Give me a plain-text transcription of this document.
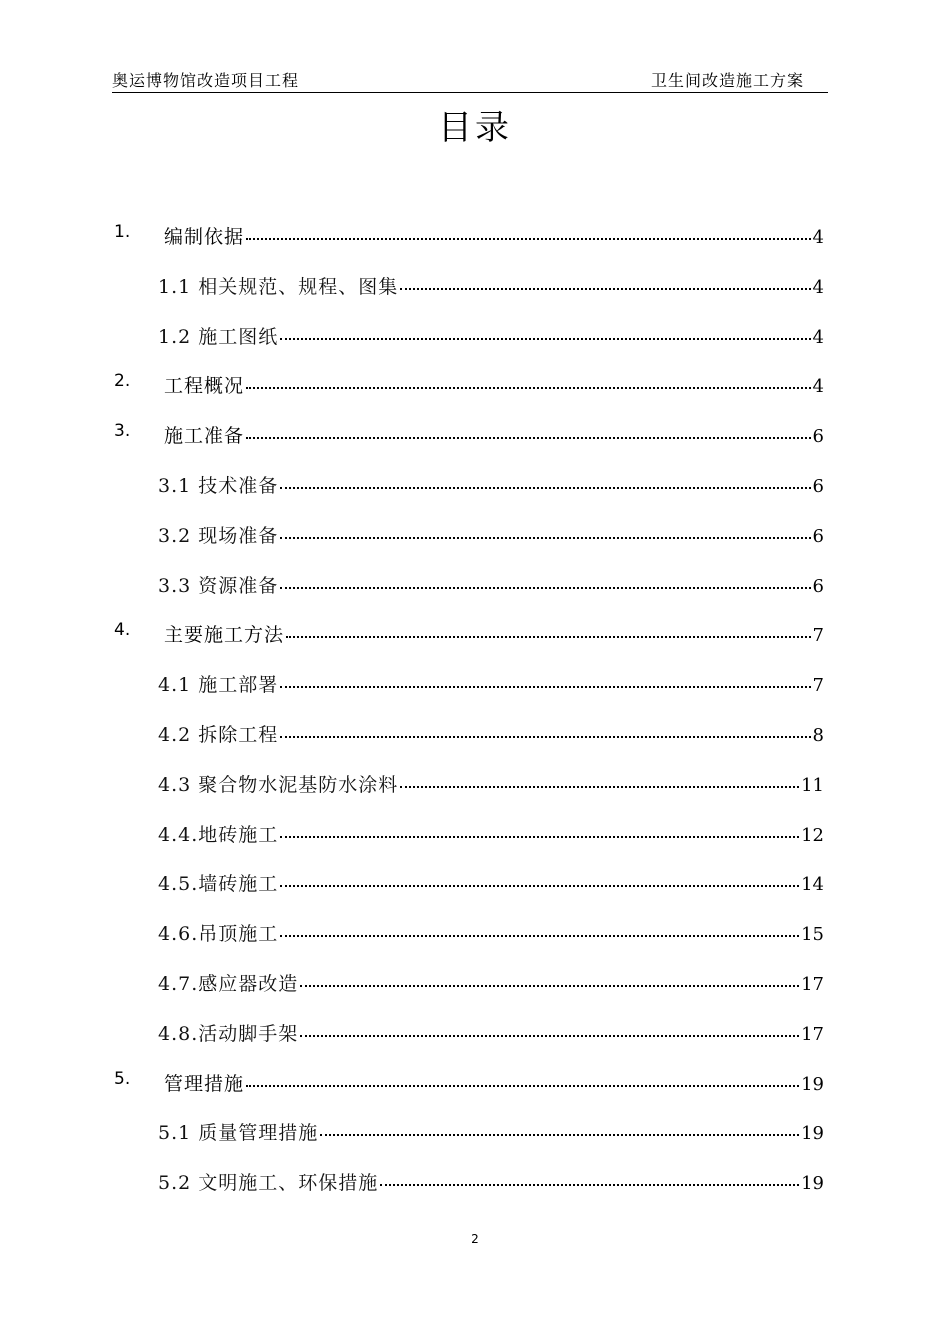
奥运博物馆改造项目工程	卫生间改造施工方案
目录
1. 编制依据	4
1.1 相关规范、规程、图集	4
1.2 施工图纸	4
2. 工程概况	4
3. 施工准备	6
3.1 技术准备	6
3.2 现场准备	6
3.3 资源准备	6
4. 主要施工方法	7
4.1 施工部署	7
4.2 拆除工程	8
4.3 聚合物水泥基防水涂料	11
4.4.地砖施工	12
4.5.墙砖施工	14
4.6.吊顶施工	15
4.7.感应器改造	17
4.8.活动脚手架	17
5. 管理措施	19
5.1 质量管理措施	19
5.2 文明施工、环保措施	19
2
